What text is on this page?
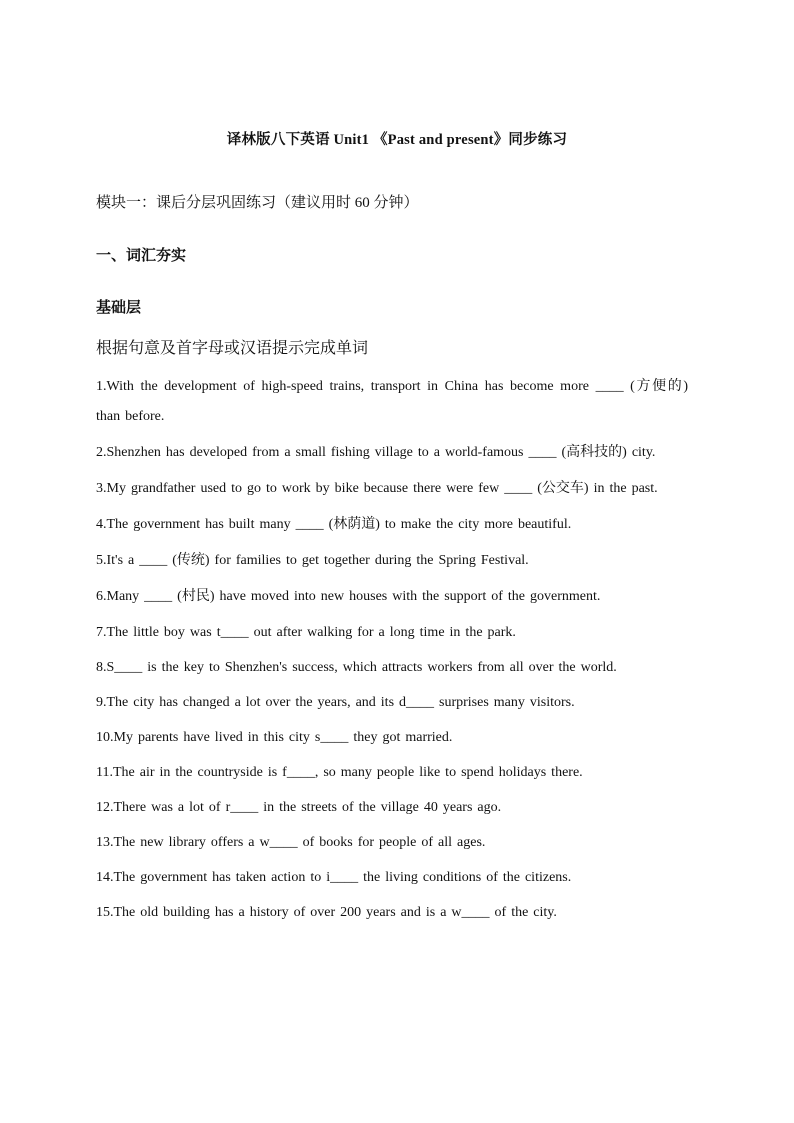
译林版八下英语 Unit1 《Past and present》同步练习
模块一：课后分层巩固练习（建议用时 60 分钟）
一、词汇夯实
基础层
根据句意及首字母或汉语提示完成单词
1.With the development of high-speed trains, transport in China has become more ____ (方便的) than before.
2.Shenzhen has developed from a small fishing village to a world-famous ____ (高科技的) city.
3.My grandfather used to go to work by bike because there were few ____ (公交车) in the past.
4.The government has built many ____ (林荫道) to make the city more beautiful.
5.It's a ____ (传统) for families to get together during the Spring Festival.
6.Many ____ (村民) have moved into new houses with the support of the government.
7.The little boy was t____ out after walking for a long time in the park.
8.S____ is the key to Shenzhen's success, which attracts workers from all over the world.
9.The city has changed a lot over the years, and its d____ surprises many visitors.
10.My parents have lived in this city s____ they got married.
11.The air in the countryside is f____, so many people like to spend holidays there.
12.There was a lot of r____ in the streets of the village 40 years ago.
13.The new library offers a w____ of books for people of all ages.
14.The government has taken action to i____ the living conditions of the citizens.
15.The old building has a history of over 200 years and is a w____ of the city.
